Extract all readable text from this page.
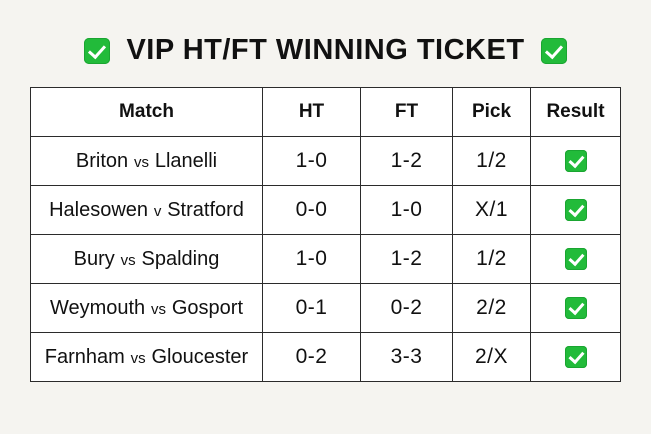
VIP HT/FT WINNING TICKET
Match	HT	FT	Pick	Result
Briton vs Llanelli	1-0	1-2	1/2	

Halesowen v Stratford	0-0	1-0	X/1	

Bury vs Spalding	1-0	1-2	1/2	

Weymouth vs Gosport	0-1	0-2	2/2	

Farnham vs Gloucester	0-2	3-3	2/X	
